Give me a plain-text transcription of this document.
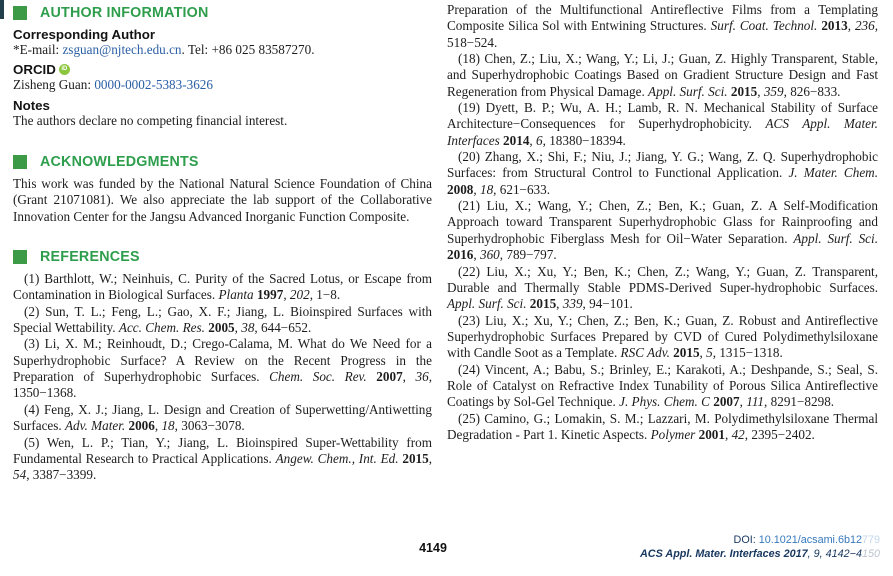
AUTHOR INFORMATION
Corresponding Author

*E-mail: zsguan@njtech.edu.cn. Tel: +86 025 83587270.

ORCID iD

Zisheng Guan: 0000-0002-5383-3626

Notes

The authors declare no competing financial interest.

ACKNOWLEDGMENTS

This work was funded by the National Natural Science Foundation of China (Grant 21071081). We also appreciate the lab support of the Collaborative Innovation Center for the Jangsu Advanced Inorganic Function Composite.

REFERENCES

(1) Barthlott, W.; Neinhuis, C. Purity of the Sacred Lotus, or Escape from Contamination in Biological Surfaces. Planta 1997, 202, 1−8.

(2) Sun, T. L.; Feng, L.; Gao, X. F.; Jiang, L. Bioinspired Surfaces with Special Wettability. Acc. Chem. Res. 2005, 38, 644−652.

(3) Li, X. M.; Reinhoudt, D.; Crego-Calama, M. What do We Need for a Superhydrophobic Surface? A Review on the Recent Progress in the Preparation of Superhydrophobic Surfaces. Chem. Soc. Rev. 2007, 36, 1350−1368.

(4) Feng, X. J.; Jiang, L. Design and Creation of Superwetting/Antiwetting Surfaces. Adv. Mater. 2006, 18, 3063−3078.

(5) Wen, L. P.; Tian, Y.; Jiang, L. Bioinspired Super-Wettability from Fundamental Research to Practical Applications. Angew. Chem., Int. Ed. 2015, 54, 3387−3399.

Preparation of the Multifunctional Antireflective Films from a Templating Composite Silica Sol with Entwining Structures. Surf. Coat. Technol. 2013, 236, 518−524.

(18) Chen, Z.; Liu, X.; Wang, Y.; Li, J.; Guan, Z. Highly Transparent, Stable, and Superhydrophobic Coatings Based on Gradient Structure Design and Fast Regeneration from Physical Damage. Appl. Surf. Sci. 2015, 359, 826−833.

(19) Dyett, B. P.; Wu, A. H.; Lamb, R. N. Mechanical Stability of Surface Architecture−Consequences for Superhydrophobicity. ACS Appl. Mater. Interfaces 2014, 6, 18380−18394.

(20) Zhang, X.; Shi, F.; Niu, J.; Jiang, Y. G.; Wang, Z. Q. Superhydrophobic Surfaces: from Structural Control to Functional Application. J. Mater. Chem. 2008, 18, 621−633.

(21) Liu, X.; Wang, Y.; Chen, Z.; Ben, K.; Guan, Z. A Self-Modification Approach toward Transparent Superhydrophobic Glass for Rainproofing and Superhydrophobic Fiberglass Mesh for Oil−Water Separation. Appl. Surf. Sci. 2016, 360, 789−797.

(22) Liu, X.; Xu, Y.; Ben, K.; Chen, Z.; Wang, Y.; Guan, Z. Transparent, Durable and Thermally Stable PDMS-Derived Super-hydrophobic Surfaces. Appl. Surf. Sci. 2015, 339, 94−101.

(23) Liu, X.; Xu, Y.; Chen, Z.; Ben, K.; Guan, Z. Robust and Antireflective Superhydrophobic Surfaces Prepared by CVD of Cured Polydimethylsiloxane with Candle Soot as a Template. RSC Adv. 2015, 5, 1315−1318.

(24) Vincent, A.; Babu, S.; Brinley, E.; Karakoti, A.; Deshpande, S.; Seal, S. Role of Catalyst on Refractive Index Tunability of Porous Silica Antireflective Coatings by Sol-Gel Technique. J. Phys. Chem. C 2007, 111, 8291−8298.

(25) Camino, G.; Lomakin, S. M.; Lazzari, M. Polydimethylsiloxane Thermal Degradation - Part 1. Kinetic Aspects. Polymer 2001, 42, 2395−2402.

4149
DOI: 10.1021/acsami.6b12779
ACS Appl. Mater. Interfaces 2017, 9, 4142−4150
